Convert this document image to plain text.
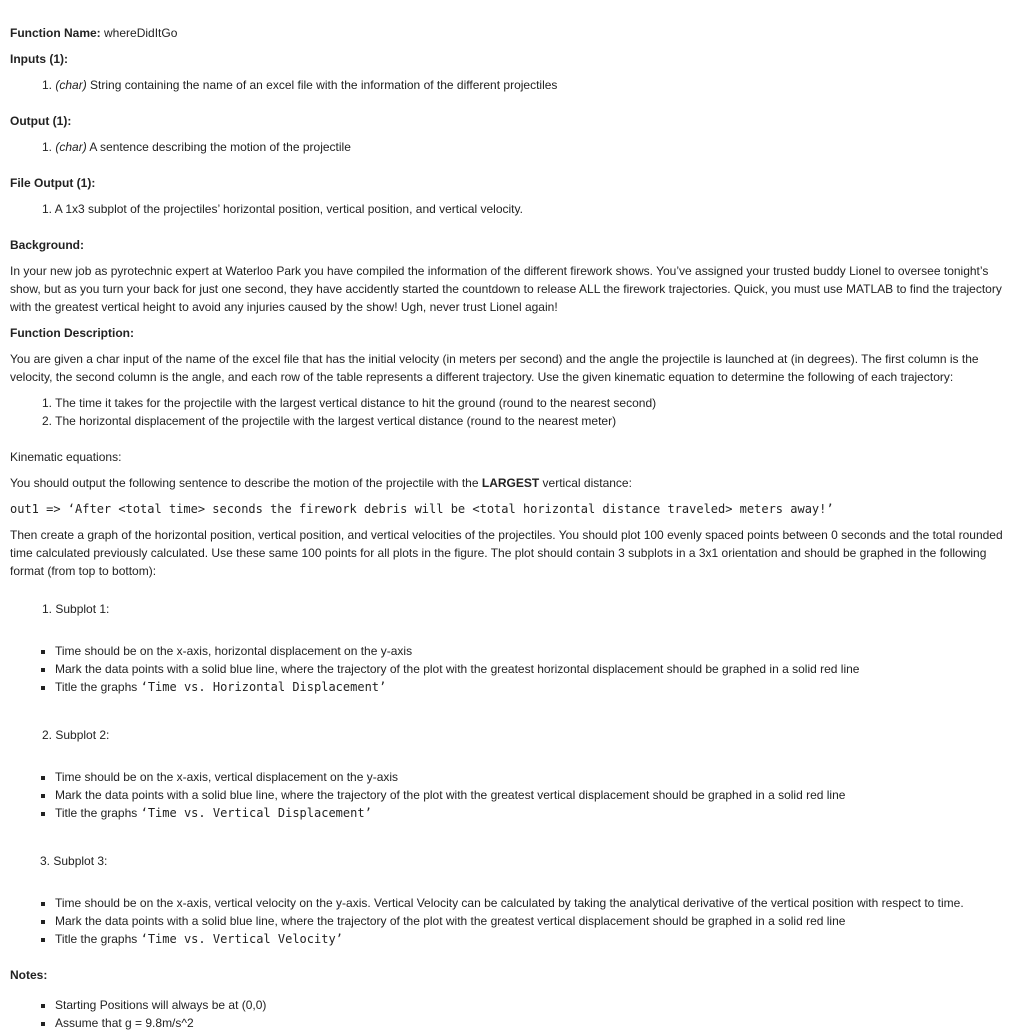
Function Name: whereDidItGo

Inputs (1):

1. (char) String containing the name of an excel file with the information of the different projectiles

Output (1):

1. (char) A sentence describing the motion of the projectile

File Output (1):

1. A 1x3 subplot of the projectiles’ horizontal position, vertical position, and vertical velocity.

Background:

In your new job as pyrotechnic expert at Waterloo Park you have compiled the information of the different firework shows. You’ve assigned your trusted buddy Lionel to oversee tonight’s show, but as you turn your back for just one second, they have accidently started the countdown to release ALL the firework trajectories. Quick, you must use MATLAB to find the trajectory with the greatest vertical height to avoid any injuries caused by the show! Ugh, never trust Lionel again!

Function Description:

You are given a char input of the name of the excel file that has the initial velocity (in meters per second) and the angle the projectile is launched at (in degrees). The first column is the velocity, the second column is the angle, and each row of the table represents a different trajectory. Use the given kinematic equation to determine the following of each trajectory:

1. The time it takes for the projectile with the largest vertical distance to hit the ground (round to the nearest second)

2. The horizontal displacement of the projectile with the largest vertical distance (round to the nearest meter)

Kinematic equations:

You should output the following sentence to describe the motion of the projectile with the LARGEST vertical distance:

out1 => ‘After <total time> seconds the firework debris will be <total horizontal distance traveled> meters away!’

Then create a graph of the horizontal position, vertical position, and vertical velocities of the projectiles. You should plot 100 evenly spaced points between 0 seconds and the total rounded time calculated previously calculated. Use these same 100 points for all plots in the figure. The plot should contain 3 subplots in a 3x1 orientation and should be graphed in the following format (from top to bottom):

1. Subplot 1:

Time should be on the x-axis, horizontal displacement on the y-axis

Mark the data points with a solid blue line, where the trajectory of the plot with the greatest horizontal displacement should be graphed in a solid red line

Title the graphs ‘Time vs. Horizontal Displacement’

2. Subplot 2:

Time should be on the x-axis, vertical displacement on the y-axis

Mark the data points with a solid blue line, where the trajectory of the plot with the greatest vertical displacement should be graphed in a solid red line

Title the graphs ‘Time vs. Vertical Displacement’

3. Subplot 3:

Time should be on the x-axis, vertical velocity on the y-axis. Vertical Velocity can be calculated by taking the analytical derivative of the vertical position with respect to time.

Mark the data points with a solid blue line, where the trajectory of the plot with the greatest vertical displacement should be graphed in a solid red line

Title the graphs ‘Time vs. Vertical Velocity’

Notes:

Starting Positions will always be at (0,0)

Assume that g = 9.8m/s^2
